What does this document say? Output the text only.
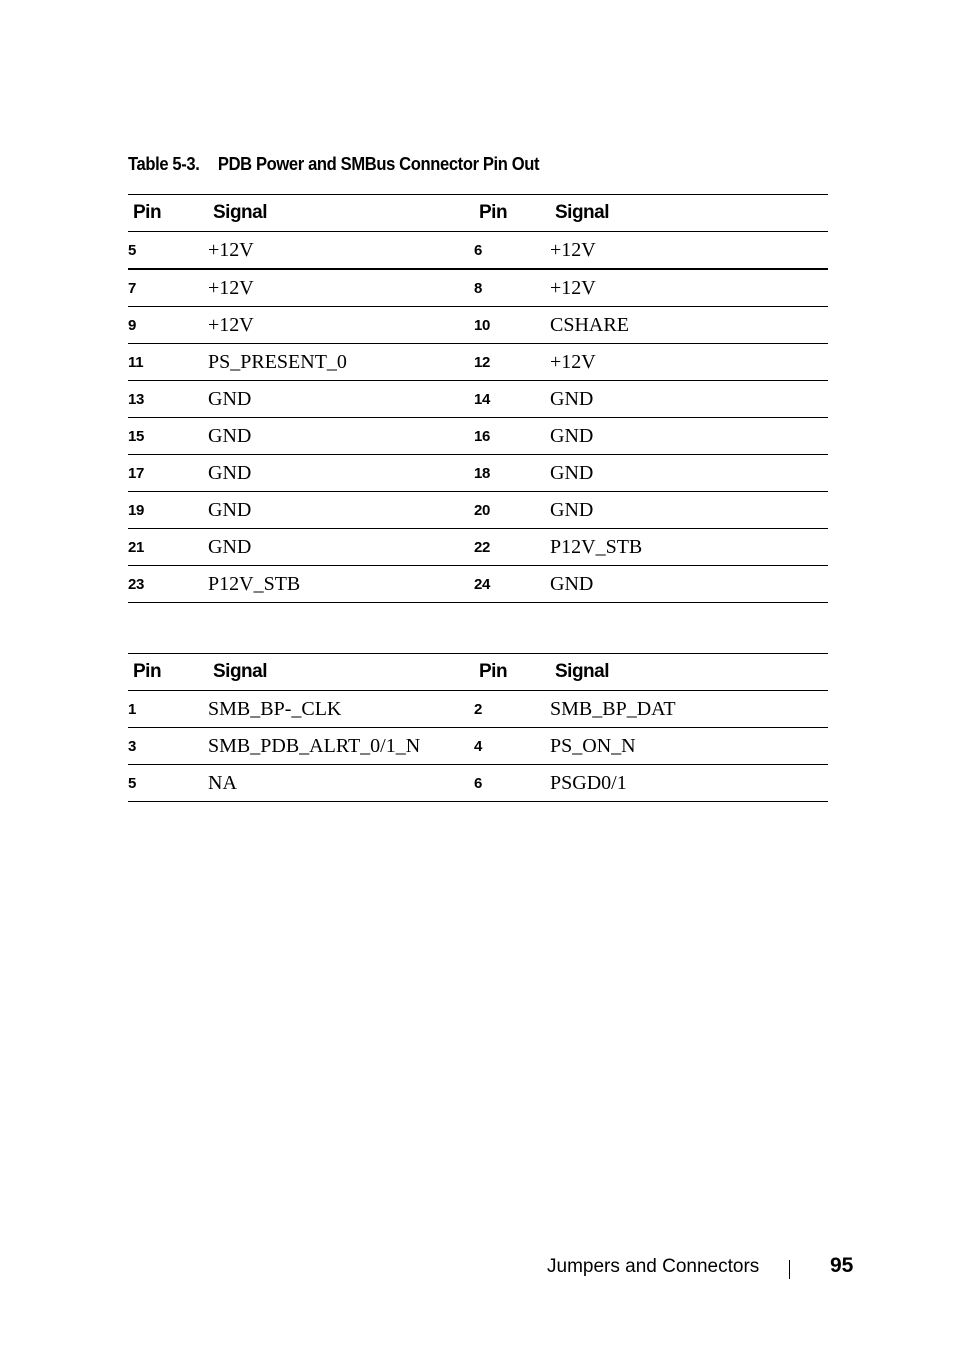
Table 5-3. PDB Power and SMBus Connector Pin Out
Pin	Signal	Pin	Signal
5	+12V	6	+12V
7	+12V	8	+12V
9	+12V	10	CSHARE
11	PS_PRESENT_0	12	+12V
13	GND	14	GND
15	GND	16	GND
17	GND	18	GND
19	GND	20	GND
21	GND	22	P12V_STB
23	P12V_STB	24	GND
Pin	Signal	Pin	Signal
1	SMB_BP-_CLK	2	SMB_BP_DAT
3	SMB_PDB_ALRT_0/1_N	4	PS_ON_N
5	NA	6	PSGD0/1
Jumpers and Connectors	95
